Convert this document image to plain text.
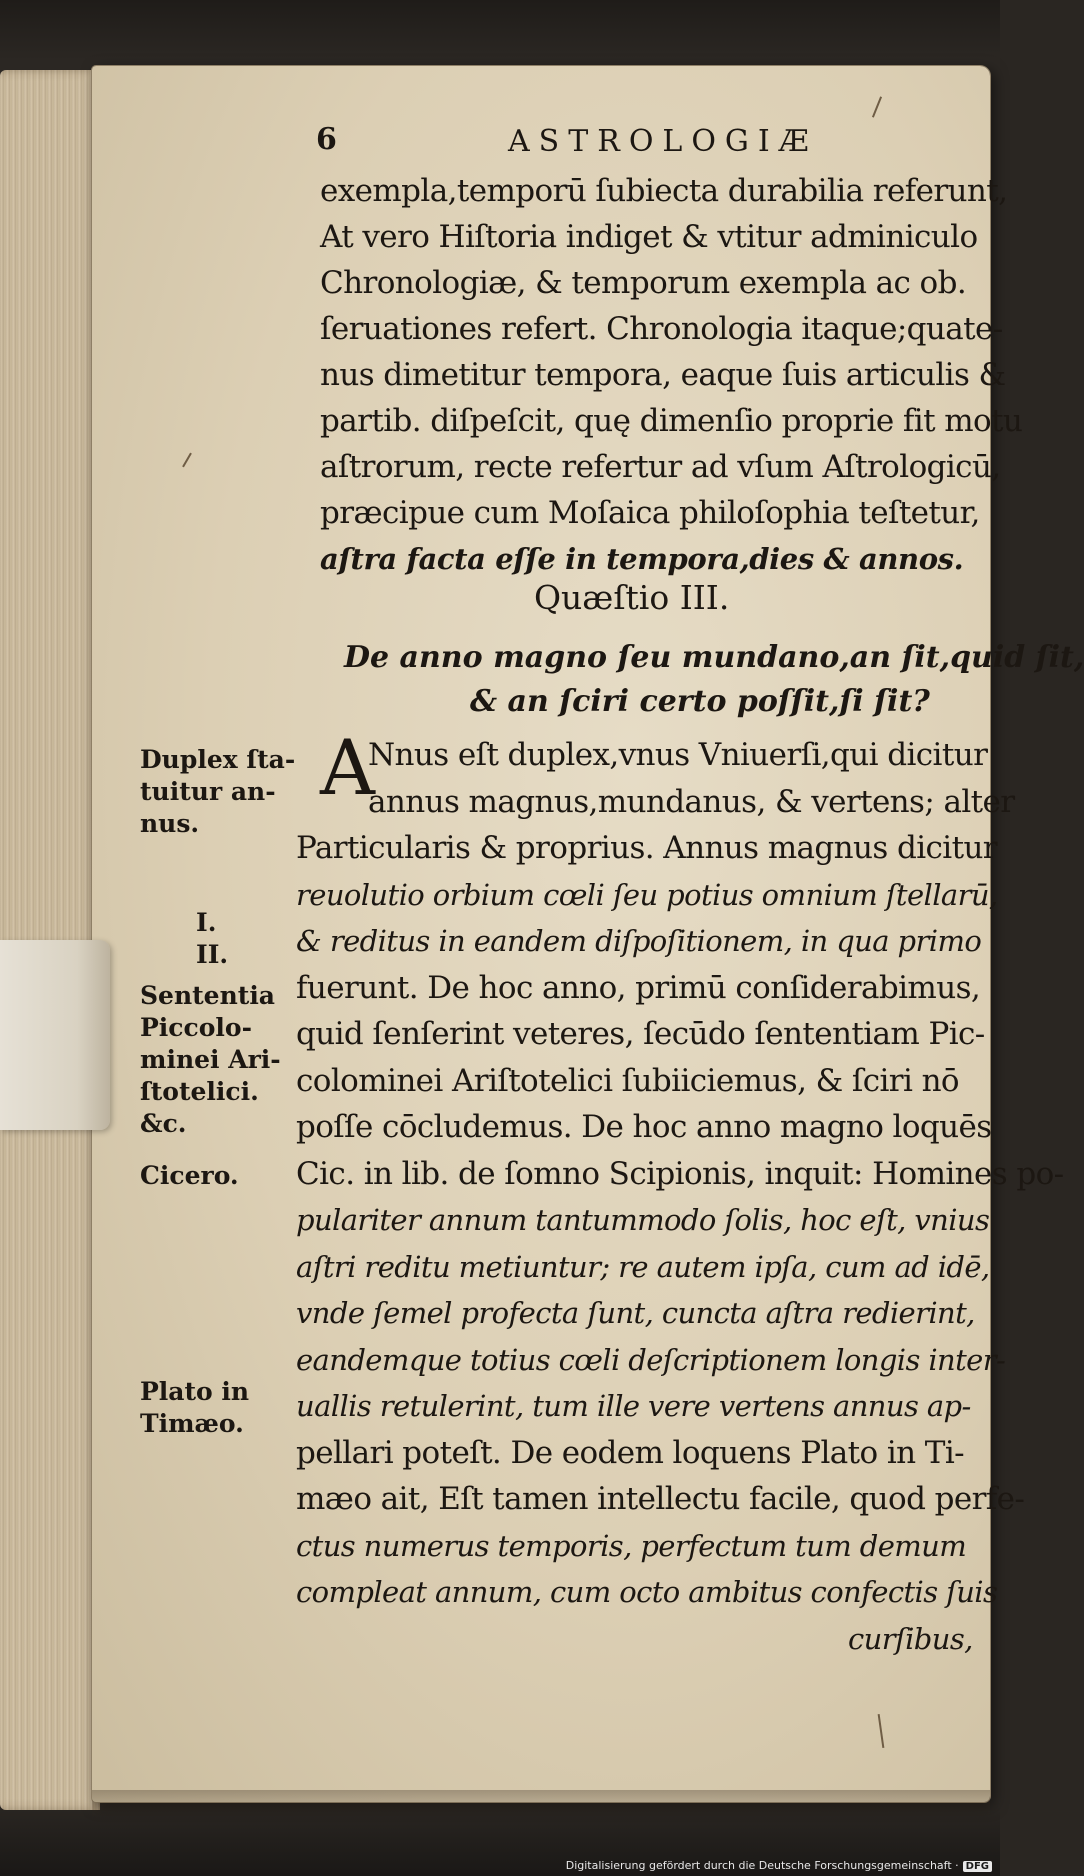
6	ASTROLOGIÆ

exempla,temporū ſubiecta durabilia referunt,
At vero Hiſtoria indiget & vtitur adminiculo
Chronologiæ, & temporum exempla ac ob.
ſeruationes refert. Chronologia itaque;quate-
nus dimetitur tempora, eaque ſuis articulis &
partib. diſpeſcit, quę dimenſio proprie fit motu
aſtrorum, recte refertur ad vſum Aſtrologicū,
præcipue cum Moſaica philoſophia teſtetur,
aſtra facta eſſe in tempora,dies & annos.

Quæſtio III.

De anno magno ſeu mundano,an ſit,quid ſit,

& an ſciri certo poſſit,ſi ſit?

A

Nnus eſt duplex,vnus Vniuerſi,qui dicitur
annus magnus,mundanus, & vertens; alter
Particularis & proprius. Annus magnus dicitur
reuolutio orbium cœli ſeu potius omnium ſtellarū,
& reditus in eandem diſpoſitionem, in qua primo
fuerunt. De hoc anno, primū conſiderabimus,
quid ſenſerint veteres, ſecūdo ſententiam Pic-
colominei Ariſtotelici ſubiiciemus, & ſciri nō
poſſe cōcludemus. De hoc anno magno loquēs
Cic. in lib. de ſomno Scipionis, inquit: Homines po-
pulariter annum tantummodo ſolis, hoc eſt, vnius
aſtri reditu metiuntur; re autem ipſa, cum ad idē,
vnde ſemel profecta ſunt, cuncta aſtra redierint,
eandemque totius cœli deſcriptionem longis inter-
uallis retulerint, tum ille vere vertens annus ap-
pellari poteſt. De eodem loquens Plato in Ti-
mæo ait, Eſt tamen intellectu facile, quod perfe-
ctus numerus temporis, perfectum tum demum
compleat annum, cum octo ambitus confectis ſuis
curſibus,
Duplex ſta-
tuitur an-
nus.
I.
II.
Sententia
Piccolo-
minei Ari-
ſtotelici.
&c.
Cicero.
Plato in
Timæo.
Digitalisierung gefördert durch die Deutsche Forschungsgemeinschaft · DFG
